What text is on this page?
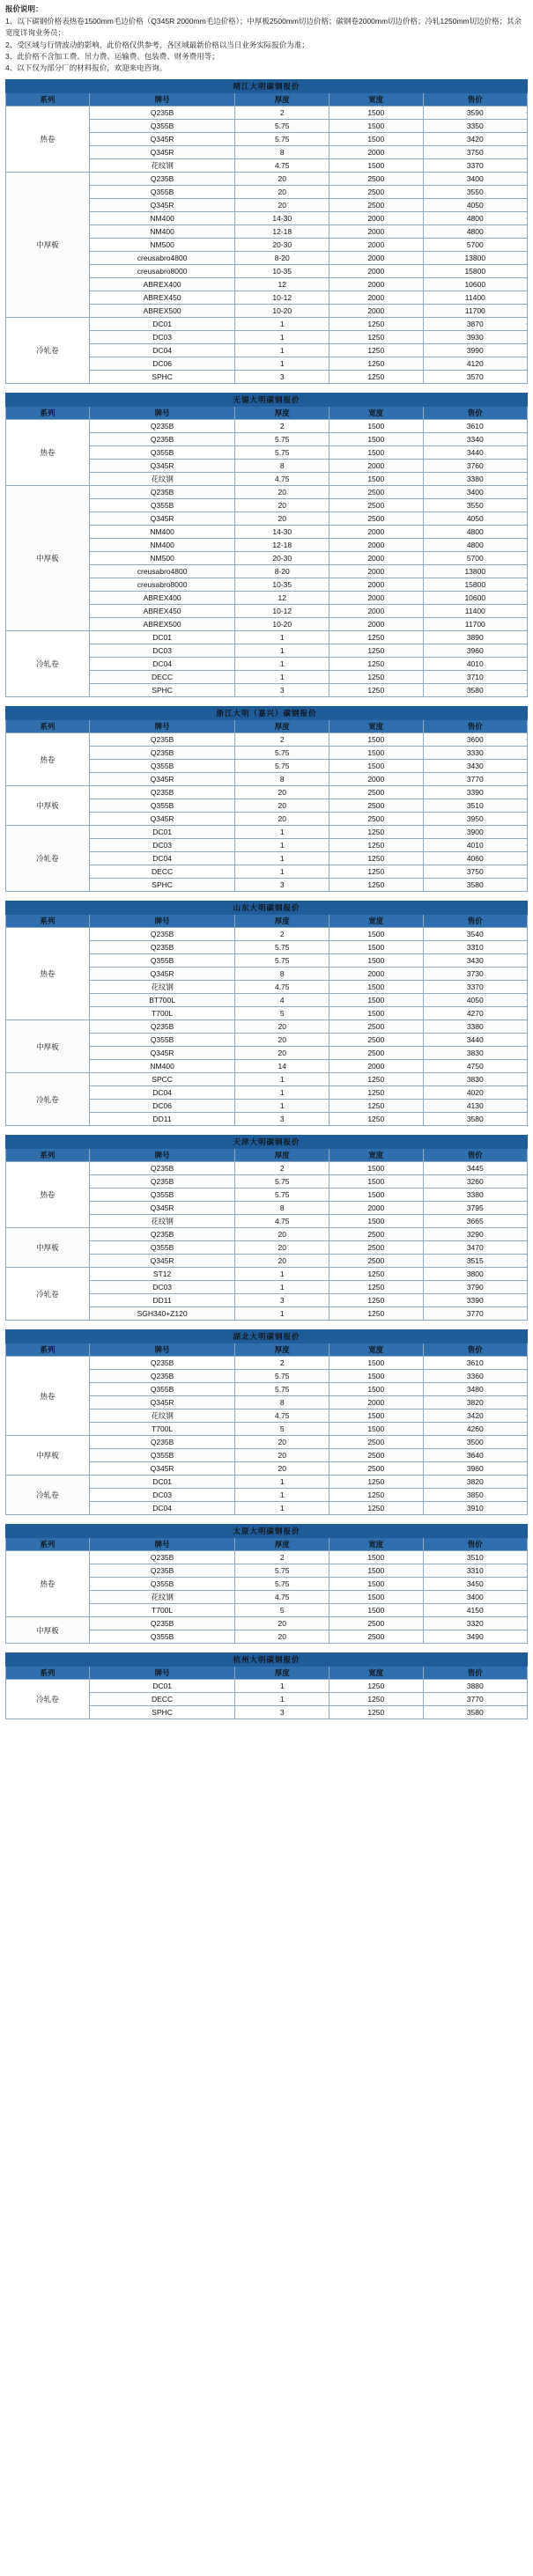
报价说明：

1、以下碳钢价格表热卷1500mm毛边价格（Q345R 2000mm毛边价格）；中厚板2500mm切边价格；碳钢卷2000mm切边价格；冷轧1250mm切边价格；其余宽度详询业务员；

2、受区域与行情波动的影响，此价格仅供参考，各区域最新价格以当日业务实际报价为准；

3、此价格不含加工费、吊力费、运输费、包装费、财务费用等；

4、以下仅为部分厂的材料报价，欢迎来电咨询。

靖江大明碳钢报价				
系列	牌号	厚度	宽度	售价
热卷	Q235B	2	1500	3590
	Q355B	5.75	1500	3350
	Q345R	5.75	1500	3420
	Q345R	8	2000	3750
	花纹钢	4.75	1500	3370
中厚板	Q235B	20	2500	3400
	Q355B	20	2500	3550
	Q345R	20	2500	4050
	NM400	14-30	2000	4800
	NM400	12-18	2000	4800
	NM500	20-30	2000	5700
	creusabro4800	8-20	2000	13800
	creusabro8000	10-35	2000	15800
	ABREX400	12	2000	10600
	ABREX450	10-12	2000	11400
	ABREX500	10-20	2000	11700
冷轧卷	DC01	1	1250	3870
	DC03	1	1250	3930
	DC04	1	1250	3990
	DC06	1	1250	4120
	SPHC	3	1250	3570
无锡大明碳钢报价				
系列	牌号	厚度	宽度	售价
热卷	Q235B	2	1500	3610
	Q235B	5.75	1500	3340
	Q355B	5.75	1500	3440
	Q345R	8	2000	3760
	花纹钢	4.75	1500	3380
中厚板	Q235B	20	2500	3400
	Q355B	20	2500	3550
	Q345R	20	2500	4050
	NM400	14-30	2000	4800
	NM400	12-18	2000	4800
	NM500	20-30	2000	5700
	creusabro4800	8-20	2000	13800
	creusabro8000	10-35	2000	15800
	ABREX400	12	2000	10600
	ABREX450	10-12	2000	11400
	ABREX500	10-20	2000	11700
冷轧卷	DC01	1	1250	3890
	DC03	1	1250	3960
	DC04	1	1250	4010
	DECC	1	1250	3710
	SPHC	3	1250	3580
浙江大明（嘉兴）碳钢报价				
系列	牌号	厚度	宽度	售价
热卷	Q235B	2	1500	3600
	Q235B	5.75	1500	3330
	Q355B	5.75	1500	3430
	Q345R	8	2000	3770
中厚板	Q235B	20	2500	3390
	Q355B	20	2500	3510
	Q345R	20	2500	3950
冷轧卷	DC01	1	1250	3900
	DC03	1	1250	4010
	DC04	1	1250	4060
	DECC	1	1250	3750
	SPHC	3	1250	3580
山东大明碳钢报价				
系列	牌号	厚度	宽度	售价
热卷	Q235B	2	1500	3540
	Q235B	5.75	1500	3310
	Q355B	5.75	1500	3430
	Q345R	8	2000	3730
	花纹钢	4.75	1500	3370
	BT700L	4	1500	4050
	T700L	5	1500	4270
中厚板	Q235B	20	2500	3380
	Q355B	20	2500	3440
	Q345R	20	2500	3830
	NM400	14	2000	4750
冷轧卷	SPCC	1	1250	3830
	DC04	1	1250	4020
	DC06	1	1250	4130
	DD11	3	1250	3580
天津大明碳钢报价				
系列	牌号	厚度	宽度	售价
热卷	Q235B	2	1500	3445
	Q235B	5.75	1500	3260
	Q355B	5.75	1500	3380
	Q345R	8	2000	3795
	花纹钢	4.75	1500	3665
中厚板	Q235B	20	2500	3290
	Q355B	20	2500	3470
	Q345R	20	2500	3515
冷轧卷	ST12	1	1250	3800
	DC03	1	1250	3790
	DD11	3	1250	3390
	SGH340+Z120	1	1250	3770
湖北大明碳钢报价				
系列	牌号	厚度	宽度	售价
热卷	Q235B	2	1500	3610
	Q235B	5.75	1500	3360
	Q355B	5.75	1500	3480
	Q345R	8	2000	3820
	花纹钢	4.75	1500	3420
	T700L	5	1500	4260
中厚板	Q235B	20	2500	3500
	Q355B	20	2500	3640
	Q345R	20	2500	3960
冷轧卷	DC01	1	1250	3820
	DC03	1	1250	3850
	DC04	1	1250	3910
太原大明碳钢报价				
系列	牌号	厚度	宽度	售价
热卷	Q235B	2	1500	3510
	Q235B	5.75	1500	3310
	Q355B	5.75	1500	3450
	花纹钢	4.75	1500	3400
	T700L	5	1500	4150
中厚板	Q235B	20	2500	3320
	Q355B	20	2500	3490
杭州大明碳钢报价				
系列	牌号	厚度	宽度	售价
冷轧卷	DC01	1	1250	3880
	DECC	1	1250	3770
	SPHC	3	1250	3580
